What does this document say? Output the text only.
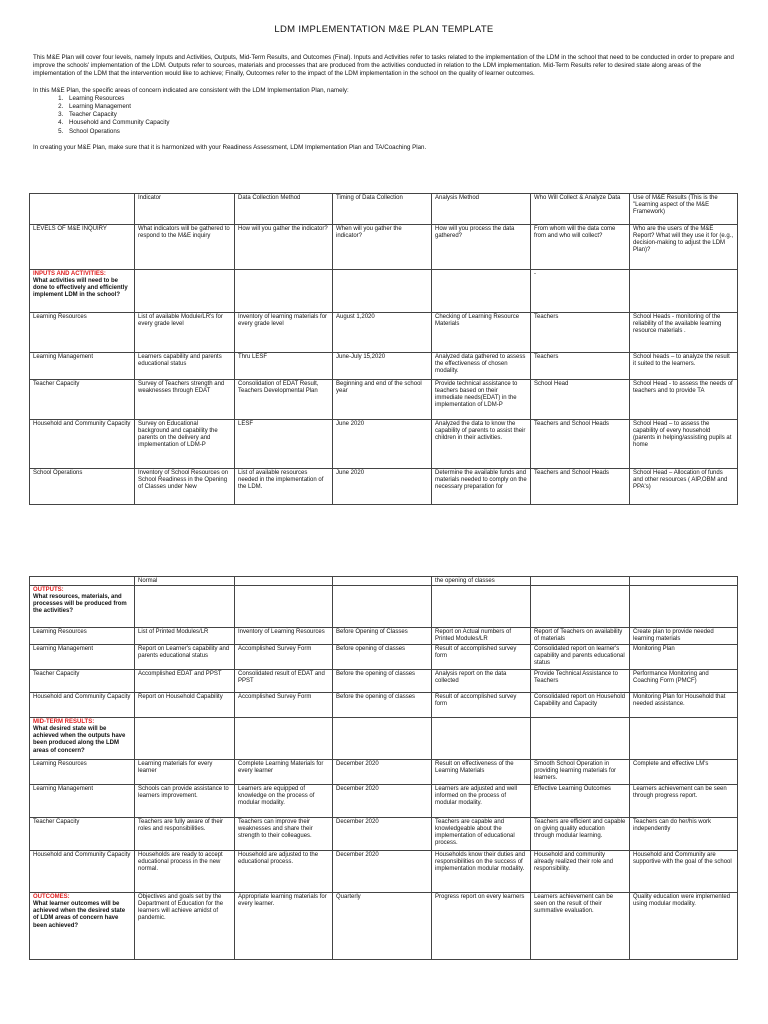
LDM IMPLEMENTATION M&E PLAN TEMPLATE

This M&E Plan will cover four levels, namely Inputs and Activities, Outputs, Mid-Term Results, and Outcomes (Final). Inputs and Activities refer to tasks related to the implementation of the LDM in the school that need to be conducted in order to prepare and improve the schools' implementation of the LDM. Outputs refer to sources, materials and processes that are produced from the activities conducted in relation to the LDM implementation. Mid-Term Results refer to desired state along areas of the implementation of the LDM that the intervention would like to achieve; Finally, Outcomes refer to the impact of the LDM implementation in the school on the quality of learner outcomes.

In this M&E Plan, the specific areas of concern indicated are consistent with the LDM Implementation Plan, namely:

1. Learning Resources
2. Learning Management
3. Teacher Capacity
4. Household and Community Capacity
5. School Operations

In creating your M&E Plan, make sure that it is harmonized with your Readiness Assessment, LDM Implementation Plan and TA/Coaching Plan.

	Indicator	Data Collection Method	Timing of Data Collection	Analysis Method	Who Will Collect & Analyze Data	Use of M&E Results (This is the "Learning aspect of the M&E Framework)
LEVELS OF M&E INQUIRY	What indicators will be gathered to respond to the M&E inquiry	How will you gather the indicator?	When will you gather the indicator?	How will you process the data gathered?	From whom will the data come from and who will collect?	Who are the users of the M&E Report? What will they use it for (e.g., decision-making to adjust the LDM Plan)?

INPUTS AND ACTIVITIES:
What activities will need to be done to effectively and efficiently implement LDM in the school?					-	
Learning Resources	List of available Module/LR's for every grade level	Inventory of learning materials for every grade level	August 1,2020	Checking of Learning Resource Materials	Teachers	School Heads - monitoring of the reliability of the available learning resource materials .
Learning Management	Learners capability and parents educational status	Thru LESF	June-July 15,2020	Analyzed data gathered to assess the effectiveness of chosen modality.	Teachers	School heads – to analyze the result it suited to the learners.
Teacher Capacity	Survey of Teachers strength and weaknesses through EDAT	Consolidation of EDAT Result, Teachers Developmental Plan	Beginning and end of the school year	Provide technical assistance to teachers based on their immediate needs(EDAT) in the implementation of LDM-P	School Head	School Head - to assess the needs of teachers and to provide TA
Household and Community Capacity	Survey on Educational background and capability the parents on the delivery and implementation of LDM-P	LESF	June 2020	Analyzed the data to know the capability of parents to assist their children in their activities.	Teachers and School Heads	School Head – to assess the capability of every household (parents in helping/assisting pupils at home
School Operations	Inventory of School Resources on School Readiness in the Opening of Classes under New	List of available resources needed in the implementation of the LDM.	June 2020	Determine the available funds and materials needed to comply on the necessary preparation for	Teachers and School Heads	School Head – Allocation of funds and other resources ( AIP,OBM and PPA's)
	Normal			the opening of classes		

OUTPUTS:
What resources, materials, and processes will be produced from the activities?						

Learning Resources	List of Printed Modules/LR	Inventory of Learning Resources	Before Opening of Classes	Report on Actual numbers of Printed Modules/LR	Report of Teachers on availability of materials	Create plan to provide needed learning materials
Learning Management	Report on Learner's capability and parents educational status	Accomplished Survey Form	Before opening of classes	Result of accomplished survey form	Consolidated report on learner's capability and parents educational status	Monitoring Plan
Teacher Capacity	Accomplished EDAT and PPST	Consolidated result of EDAT and PPST	Before the opening of classes	Analysis report on the data collected	Provide Technical Assistance to Teachers	Performance Monitoring and Coaching Form (PMCF)
Household and Community Capacity	Report on Household Capability	Accomplished Survey Form	Before the opening of classes	Result of accomplished survey form	Consolidated report on Household Capability and Capacity	Monitoring Plan for Household that needed assistance.

MID-TERM RESULTS:
What desired state will be achieved when the outputs have been produced along the LDM areas of concern?						

Learning Resources	Learning materials for every learner	Complete Learning Materials for every learner	December 2020	Result on effectiveness of the Learning Materials	Smooth School Operation in providing learning materials for learners.	Complete and effective LM's
Learning Management	Schools can provide assistance to learners improvement.	Learners are equipped of knowledge on the process of modular modality.	December 2020	Learners are adjusted and well informed on the process of modular modality.	Effective Learning Outcomes	Learners achievement can be seen through progress report.
Teacher Capacity	Teachers are fully aware of their roles and responsibilities.	Teachers can improve their weaknesses and share their strength to their colleagues.	December 2020	Teachers are capable and knowledgeable about the implementation of educational process.	Teachers are efficient and capable on giving quality education through modular learning.	Teachers can do her/his work independently
Household and Community Capacity	Households are ready to accept educational process in the new normal.	Household are adjusted to the educational process.	December 2020	Households know their duties and responsibilities on the success of implementation modular modality.	Household and community already realized their role and responsibility.	Household and Community are supportive with the goal of the school

OUTCOMES:
What learner outcomes will be achieved when the desired state of LDM areas of concern have been achieved?	Objectives and goals set by the Department of Education for the learners will achieve amidst of pandemic.	Appropriate learning materials for every learner.	Quarterly	Progress report on every learners	Learners achievement can be seen on the result of their summative evaluation.	Quality education were implemented using modular modality.
